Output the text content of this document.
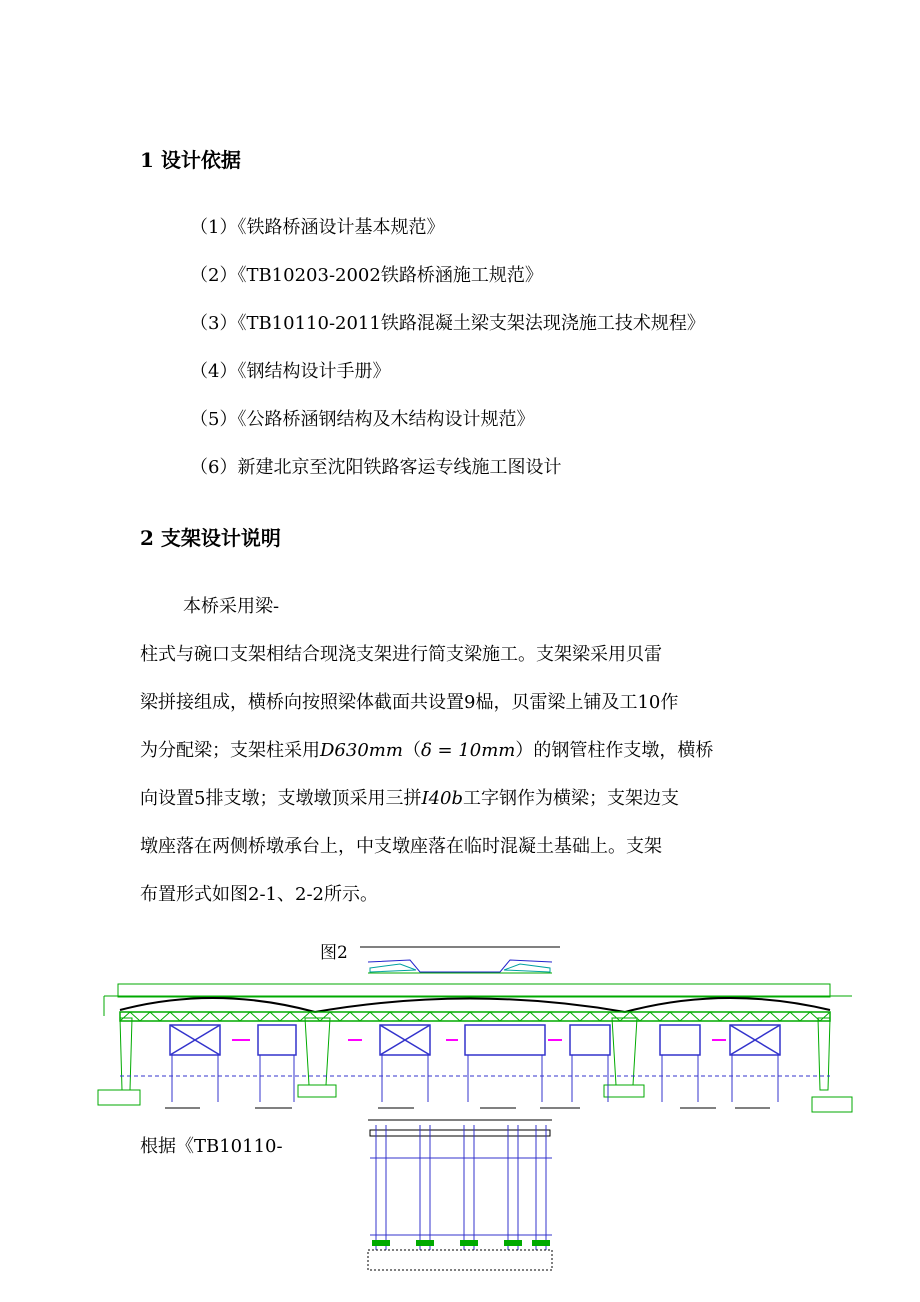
1 设计依据
（1）《铁路桥涵设计基本规范》
（2）《TB10203-2002铁路桥涵施工规范》
（3）《TB10110-2011铁路混凝土梁支架法现浇施工技术规程》
（4）《钢结构设计手册》
（5）《公路桥涵钢结构及木结构设计规范》
（6）新建北京至沈阳铁路客运专线施工图设计
2 支架设计说明
本桥采用梁-
柱式与碗口支架相结合现浇支架进行简支梁施工。支架梁采用贝雷
梁拼接组成，横桥向按照梁体截面共设置9榀，贝雷梁上铺及工10作
为分配梁；支架柱采用D630mm（δ = 10mm）的钢管柱作支墩，横桥
向设置5排支墩；支墩墩顶采用三拼I40b工字钢作为横梁；支架边支
墩座落在两侧桥墩承台上，中支墩座落在临时混凝土基础上。支架
布置形式如图2-1、2-2所示。
图2
根据《TB10110-
